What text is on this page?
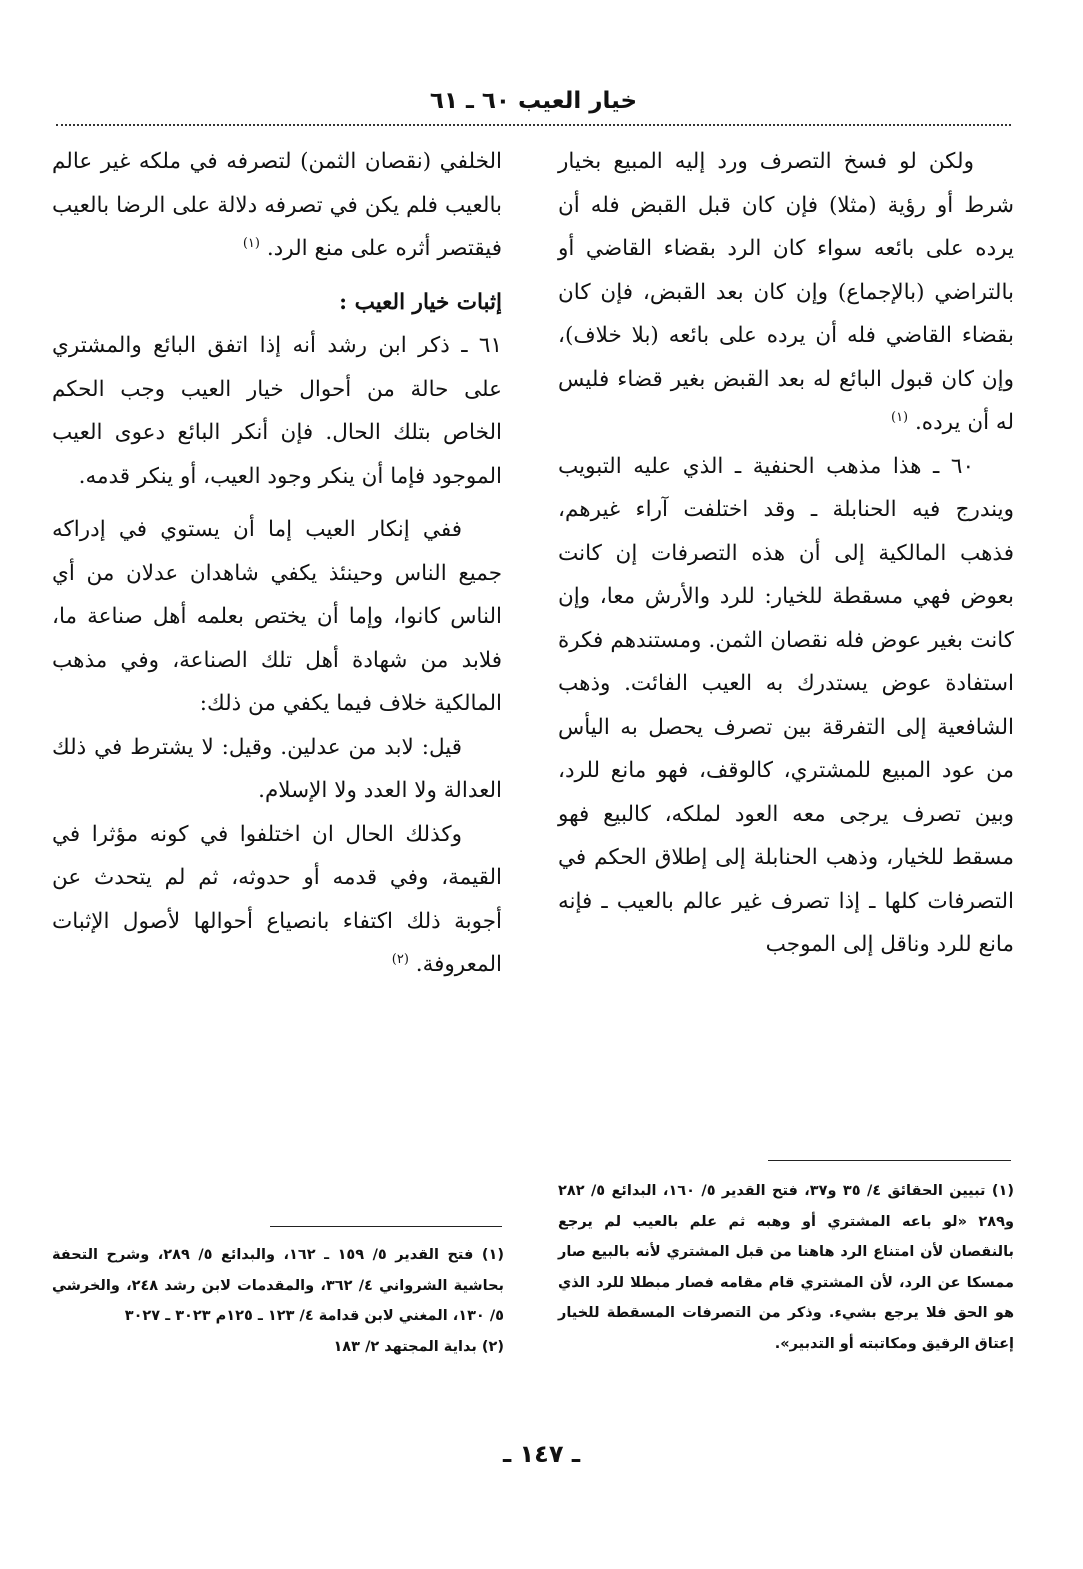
خيار العيب ٦٠ ـ ٦١

ولكن لو فسخ التصرف ورد إليه المبيع بخيار شرط أو رؤية (مثلا) فإن كان قبل القبض فله أن يرده على بائعه سواء كان الرد بقضاء القاضي أو بالتراضي (بالإجماع) وإن كان بعد القبض، فإن كان بقضاء القاضي فله أن يرده على بائعه (بلا خلاف)، وإن كان قبول البائع له بعد القبض بغير قضاء فليس له أن يرده. $^{(١)}$

٦٠ ـ هذا مذهب الحنفية ـ الذي عليه التبويب ويندرج فيه الحنابلة ـ وقد اختلفت آراء غيرهم، فذهب المالكية إلى أن هذه التصرفات إن كانت بعوض فهي مسقطة للخيار: للرد والأرش معا، وإن كانت بغير عوض فله نقصان الثمن. ومستندهم فكرة استفادة عوض يستدرك به العيب الفائت. وذهب الشافعية إلى التفرقة بين تصرف يحصل به اليأس من عود المبيع للمشتري، كالوقف، فهو مانع للرد، وبين تصرف يرجى معه العود لملكه، كالبيع فهو مسقط للخيار، وذهب الحنابلة إلى إطلاق الحكم في التصرفات كلها ـ إذا تصرف غير عالم بالعيب ـ فإنه مانع للرد وناقل إلى الموجب

الخلفي (نقصان الثمن) لتصرفه في ملكه غير عالم بالعيب فلم يكن في تصرفه دلالة على الرضا بالعيب فيقتصر أثره على منع الرد. $^{(١)}$

إثبات خيار العيب :

٦١ ـ ذكر ابن رشد أنه إذا اتفق البائع والمشتري على حالة من أحوال خيار العيب وجب الحكم الخاص بتلك الحال. فإن أنكر البائع دعوى العيب الموجود فإما أن ينكر وجود العيب، أو ينكر قدمه.

ففي إنكار العيب إما أن يستوي في إدراكه جميع الناس وحينئذ يكفي شاهدان عدلان من أي الناس كانوا، وإما أن يختص بعلمه أهل صناعة ما، فلابد من شهادة أهل تلك الصناعة، وفي مذهب المالكية خلاف فيما يكفي من ذلك:

قيل: لابد من عدلين. وقيل: لا يشترط في ذلك العدالة ولا العدد ولا الإسلام.

وكذلك الحال ان اختلفوا في كونه مؤثرا في القيمة، وفي قدمه أو حدوثه، ثم لم يتحدث عن أجوبة ذلك اكتفاء بانصياع أحوالها لأصول الإثبات المعروفة. $^{(٢)}$

(١) تبيين الحقائق ٤/ ٣٥ و٣٧، فتح القدير ٥/ ١٦٠، البدائع ٥/ ٢٨٢ و٢٨٩ «لو باعه المشتري أو وهبه ثم علم بالعيب لم يرجع بالنقصان لأن امتناع الرد هاهنا من قبل المشتري لأنه بالبيع صار ممسكا عن الرد، لأن المشتري قام مقامه فصار مبطلا للرد الذي هو الحق فلا يرجع بشيء. وذكر من التصرفات المسقطة للخيار إعتاق الرقيق ومكاتبته أو التدبير».

(١) فتح القدير ٥/ ١٥٩ ـ ١٦٢، والبدائع ٥/ ٢٨٩، وشرح التحفة بحاشية الشرواني ٤/ ٣٦٢، والمقدمات لابن رشد ٢٤٨، والخرشي ٥/ ١٣٠، المغني لابن قدامة ٤/ ١٢٣ ـ ١٢٥م ٣٠٢٣ ـ ٣٠٢٧

(٢) بداية المجتهد ٢/ ١٨٣

ـ ١٤٧ ـ
